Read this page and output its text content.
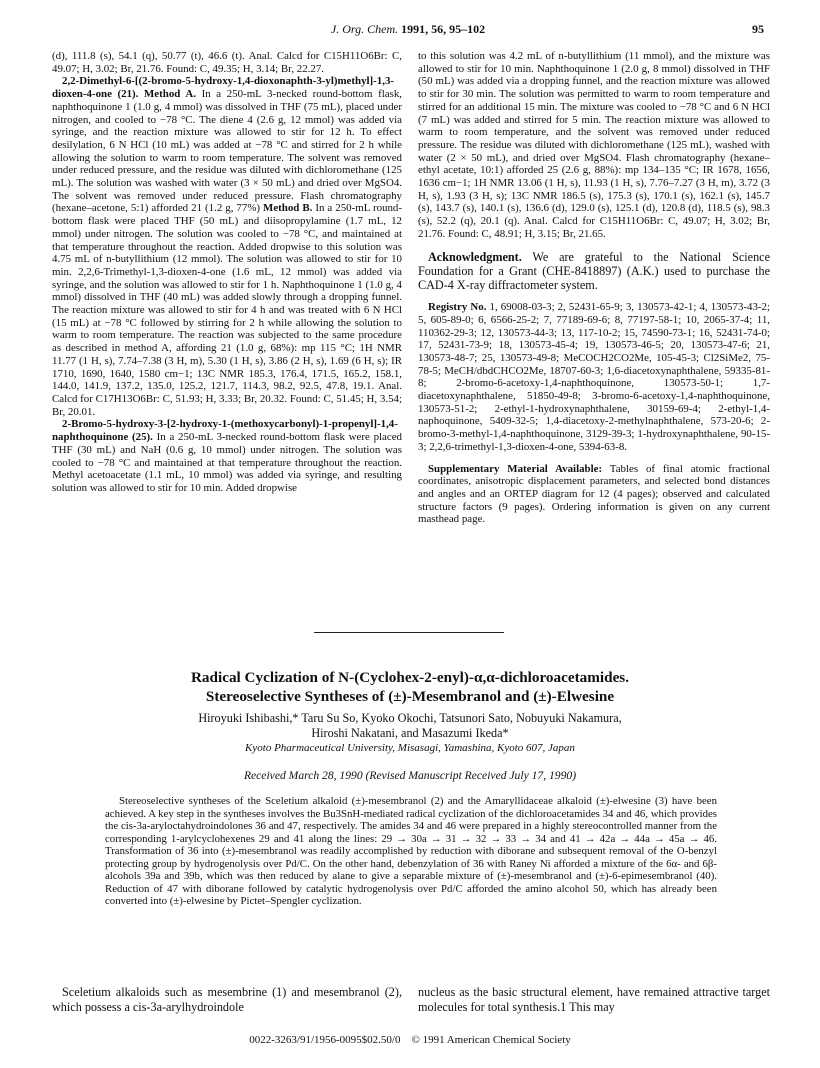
J. Org. Chem. 1991, 56, 95–102	95

(d), 111.8 (s), 54.1 (q), 50.77 (t), 46.6 (t). Anal. Calcd for C15H11O6Br: C, 49.07; H, 3.02; Br, 21.76. Found: C, 49.35; H, 3.14; Br, 22.27.

2,2-Dimethyl-6-[(2-bromo-5-hydroxy-1,4-dioxonaphth-3-yl)methyl]-1,3-dioxen-4-one (21). Method A. In a 250-mL 3-necked round-bottom flask, naphthoquinone 1 (1.0 g, 4 mmol) was dissolved in THF (75 mL), placed under nitrogen, and cooled to −78 °C. The diene 4 (2.6 g, 12 mmol) was added via syringe, and the reaction mixture was allowed to stir for 12 h. To effect desilylation, 6 N HCl (10 mL) was added at −78 °C and stirred for 2 h while allowing the solution to warm to room temperature. The solvent was removed under reduced pressure, and the residue was diluted with dichloromethane (125 mL). The solution was washed with water (3 × 50 mL) and dried over MgSO4. The solvent was removed under reduced pressure. Flash chromatography (hexane–acetone, 5:1) afforded 21 (1.2 g, 77%) Method B. In a 250-mL round-bottom flask were placed THF (50 mL) and diisopropylamine (1.7 mL, 12 mmol) under nitrogen. The solution was cooled to −78 °C, and maintained at that temperature throughout the reaction. Added dropwise to this solution was 4.75 mL of n-butyllithium (12 mmol). The solution was allowed to stir for 10 min. 2,2,6-Trimethyl-1,3-dioxen-4-one (1.6 mL, 12 mmol) was added via syringe, and the solution was allowed to stir for 1 h. Naphthoquinone 1 (1.0 g, 4 mmol) dissolved in THF (40 mL) was added slowly through a dropping funnel. The reaction mixture was allowed to stir for 4 h and was treated with 6 N HCl (15 mL) at −78 °C followed by stirring for 2 h while allowing the solution to warm to room temperature. The reaction was subjected to the same procedure as described in method A, affording 21 (1.0 g, 68%): mp 115 °C; 1H NMR 11.77 (1 H, s), 7.74–7.38 (3 H, m), 5.30 (1 H, s), 3.86 (2 H, s), 1.69 (6 H, s); IR 1710, 1690, 1640, 1580 cm−1; 13C NMR 185.3, 176.4, 171.5, 165.2, 158.1, 144.0, 141.9, 137.2, 135.0, 125.2, 121.7, 114.3, 98.2, 92.5, 47.8, 19.1. Anal. Calcd for C17H13O6Br: C, 51.93; H, 3.33; Br, 20.32. Found: C, 51.45; H, 3.54; Br, 20.01.

2-Bromo-5-hydroxy-3-[2-hydroxy-1-(methoxycarbonyl)-1-propenyl]-1,4-naphthoquinone (25). In a 250-mL 3-necked round-bottom flask were placed THF (30 mL) and NaH (0.6 g, 10 mmol) under nitrogen. The solution was cooled to −78 °C and maintained at that temperature throughout the reaction. Methyl acetoacetate (1.1 mL, 10 mmol) was added via syringe, and resulting solution was allowed to stir for 10 min. Added dropwise

to this solution was 4.2 mL of n-butyllithium (11 mmol), and the mixture was allowed to stir for 10 min. Naphthoquinone 1 (2.0 g, 8 mmol) dissolved in THF (50 mL) was added via a dropping funnel, and the reaction mixture was allowed to stir for 30 min. The solution was permitted to warm to room temperature and stirred for an additional 15 min. The mixture was cooled to −78 °C and 6 N HCl (7 mL) was added and stirred for 5 min. The reaction mixture was allowed to warm to room temperature, and the solvent was removed under reduced pressure. The residue was diluted with dichloromethane (125 mL), washed with water (2 × 50 mL), and dried over MgSO4. Flash chromatography (hexane–ethyl acetate, 10:1) afforded 25 (2.6 g, 88%): mp 134–135 °C; IR 1678, 1656, 1636 cm−1; 1H NMR 13.06 (1 H, s), 11.93 (1 H, s), 7.76–7.27 (3 H, m), 3.72 (3 H, s), 1.93 (3 H, s); 13C NMR 186.5 (s), 175.3 (s), 170.1 (s), 162.1 (s), 145.7 (s), 143.7 (s), 140.1 (s), 136.6 (d), 129.0 (s), 125.1 (d), 120.8 (d), 118.5 (s), 98.3 (s), 52.2 (q), 20.1 (q). Anal. Calcd for C15H11O6Br: C, 49.07; H, 3.02; Br, 21.76. Found: C, 48.91; H, 3.15; Br, 21.65.

Acknowledgment. We are grateful to the National Science Foundation for a Grant (CHE-8418897) (A.K.) used to purchase the CAD-4 X-ray diffractometer system.

Registry No. 1, 69008-03-3; 2, 52431-65-9; 3, 130573-42-1; 4, 130573-43-2; 5, 605-89-0; 6, 6566-25-2; 7, 77189-69-6; 8, 77197-58-1; 10, 2065-37-4; 11, 110362-29-3; 12, 130573-44-3; 13, 117-10-2; 15, 74590-73-1; 16, 52431-74-0; 17, 52431-73-9; 18, 130573-45-4; 19, 130573-46-5; 20, 130573-47-6; 21, 130573-48-7; 25, 130573-49-8; MeCOCH2CO2Me, 105-45-3; Cl2SiMe2, 75-78-5; MeCH/dbdCHCO2Me, 18707-60-3; 1,6-diacetoxynaphthalene, 59335-81-8; 2-bromo-6-acetoxy-1,4-naphthoquinone, 130573-50-1; 1,7-diacetoxynaphthalene, 51850-49-8; 3-bromo-6-acetoxy-1,4-naphthoquinone, 130573-51-2; 2-ethyl-1-hydroxynaphthalene, 30159-69-4; 2-ethyl-1,4-naphoquinone, 5409-32-5; 1,4-diacetoxy-2-methylnaphthalene, 573-20-6; 2-bromo-3-methyl-1,4-naphthoquinone, 3129-39-3; 1-hydroxynaphthalene, 90-15-3; 2,2,6-trimethyl-1,3-dioxen-4-one, 5394-63-8.

Supplementary Material Available: Tables of final atomic fractional coordinates, anisotropic displacement parameters, and selected bond distances and angles and an ORTEP diagram for 12 (4 pages); observed and calculated structure factors (9 pages). Ordering information is given on any current masthead page.

Radical Cyclization of N-(Cyclohex-2-enyl)-α,α-dichloroacetamides.
Stereoselective Syntheses of (±)-Mesembranol and (±)-Elwesine
Hiroyuki Ishibashi,* Taru Su So, Kyoko Okochi, Tatsunori Sato, Nobuyuki Nakamura,
Hiroshi Nakatani, and Masazumi Ikeda*
Kyoto Pharmaceutical University, Misasagi, Yamashina, Kyoto 607, Japan
Received March 28, 1990 (Revised Manuscript Received July 17, 1990)
Stereoselective syntheses of the Sceletium alkaloid (±)-mesembranol (2) and the Amaryllidaceae alkaloid (±)-elwesine (3) have been achieved. A key step in the syntheses involves the Bu3SnH-mediated radical cyclization of the dichloroacetamides 34 and 46, which provides the cis-3a-aryloctahydroindolones 36 and 47, respectively. The amides 34 and 46 were prepared in a highly stereocontrolled manner from the corresponding 1-arylcyclohexenes 29 and 41 along the lines: 29 → 30a → 31 → 32 → 33 → 34 and 41 → 42a → 44a → 45a → 46. Transformation of 36 into (±)-mesembranol was readily accomplished by reduction with diborane and subsequent removal of the O-benzyl protecting group by hydrogenolysis over Pd/C. On the other hand, debenzylation of 36 with Raney Ni afforded a mixture of the 6α- and 6β-alcohols 39a and 39b, which was then reduced by alane to give a separable mixture of (±)-mesembranol and (±)-6-epimesembranol (40). Reduction of 47 with diborane followed by catalytic hydrogenolysis over Pd/C afforded the amino alcohol 50, which has already been converted into (±)-elwesine by Pictet–Spengler cyclization.

Sceletium alkaloids such as mesembrine (1) and mesembranol (2), which possess a cis-3a-arylhydroindole

nucleus as the basic structural element, have remained attractive target molecules for total synthesis.1 This may

0022-3263/91/1956-0095$02.50/0 © 1991 American Chemical Society
